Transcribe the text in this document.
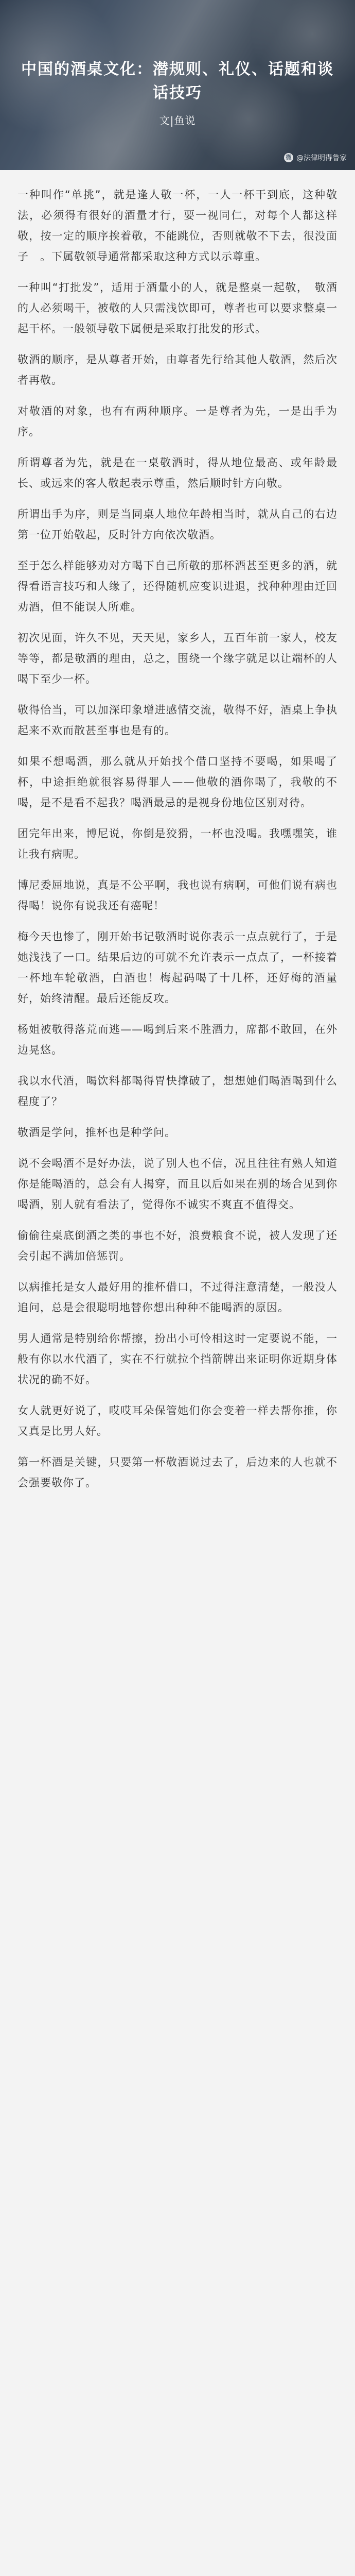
中国的酒桌文化：潜规则、礼仪、话题和谈话技巧
文|鱼说
微 @法律明得鲁家

一种叫作“单挑”，就是逢人敬一杯，一人一杯干到底，这种敬法，必须得有很好的酒量才行，要一视同仁，对每个人都这样敬，按一定的顺序挨着敬，不能跳位，否则就敬不下去，很没面子　。下属敬领导通常都采取这种方式以示尊重。

一种叫“打批发”，适用于酒量小的人，就是整桌一起敬，　敬酒的人必须喝干，被敬的人只需浅饮即可，尊者也可以要求整桌一起干杯。一般领导敬下属便是采取打批发的形式。

敬酒的顺序，是从尊者开始，由尊者先行给其他人敬酒，然后次者再敬。

对敬酒的对象，也有有两种顺序。一是尊者为先，一是出手为序。

所谓尊者为先，就是在一桌敬酒时，得从地位最高、或年龄最长、或远来的客人敬起表示尊重，然后顺时针方向敬。

所谓出手为序，则是当同桌人地位年龄相当时，就从自己的右边第一位开始敬起，反时针方向依次敬酒。

至于怎么样能够劝对方喝下自己所敬的那杯酒甚至更多的酒，就得看语言技巧和人缘了，还得随机应变识进退，找种种理由迁回劝酒，但不能误人所难。

初次见面，许久不见，天天见，家乡人，五百年前一家人，校友等等，都是敬酒的理由，总之，围绕一个缘字就足以让端杯的人喝下至少一杯。

敬得恰当，可以加深印象增进感情交流，敬得不好，酒桌上争执起来不欢而散甚至事也是有的。

如果不想喝酒，那么就从开始找个借口坚持不要喝，如果喝了杯，中途拒绝就很容易得罪人——他敬的酒你喝了，我敬的不喝，是不是看不起我？喝酒最忌的是视身份地位区别对待。

团完年出来，博尼说，你倒是狡猾，一杯也没喝。我嘿嘿笑，谁让我有病呢。

博尼委屈地说，真是不公平啊，我也说有病啊，可他们说有病也得喝！说你有说我还有癌呢！

梅今天也惨了，刚开始书记敬酒时说你表示一点点就行了，于是她浅浅了一口。结果后边的可就不允许表示一点点了，一杯接着一杯地车轮敬酒，白酒也！梅起码喝了十几杯，还好梅的酒量好，始终清醒。最后还能反攻。

杨姐被敬得落荒而逃——喝到后来不胜酒力，席都不敢回，在外边晃悠。

我以水代酒，喝饮料都喝得胃快撑破了，想想她们喝酒喝到什么程度了？

敬酒是学问，推杯也是种学问。

说不会喝酒不是好办法，说了别人也不信，况且往往有熟人知道你是能喝酒的，总会有人揭穿，而且以后如果在别的场合见到你喝酒，别人就有看法了，觉得你不诚实不爽直不值得交。

偷偷往桌底倒酒之类的事也不好，浪费粮食不说，被人发现了还会引起不满加倍惩罚。

以病推托是女人最好用的推杯借口，不过得注意清楚，一般没人追问，总是会很聪明地替你想出种种不能喝酒的原因。

男人通常是特别给你帮擦，扮出小可怜相这时一定要说不能，一般有你以水代酒了，实在不行就拉个挡箭牌出来证明你近期身体状况的确不好。

女人就更好说了，哎哎耳朵保管她们你会变着一样去帮你推，你又真是比男人好。

第一杯酒是关键，只要第一杯敬酒说过去了，后边来的人也就不会强要敬你了。
